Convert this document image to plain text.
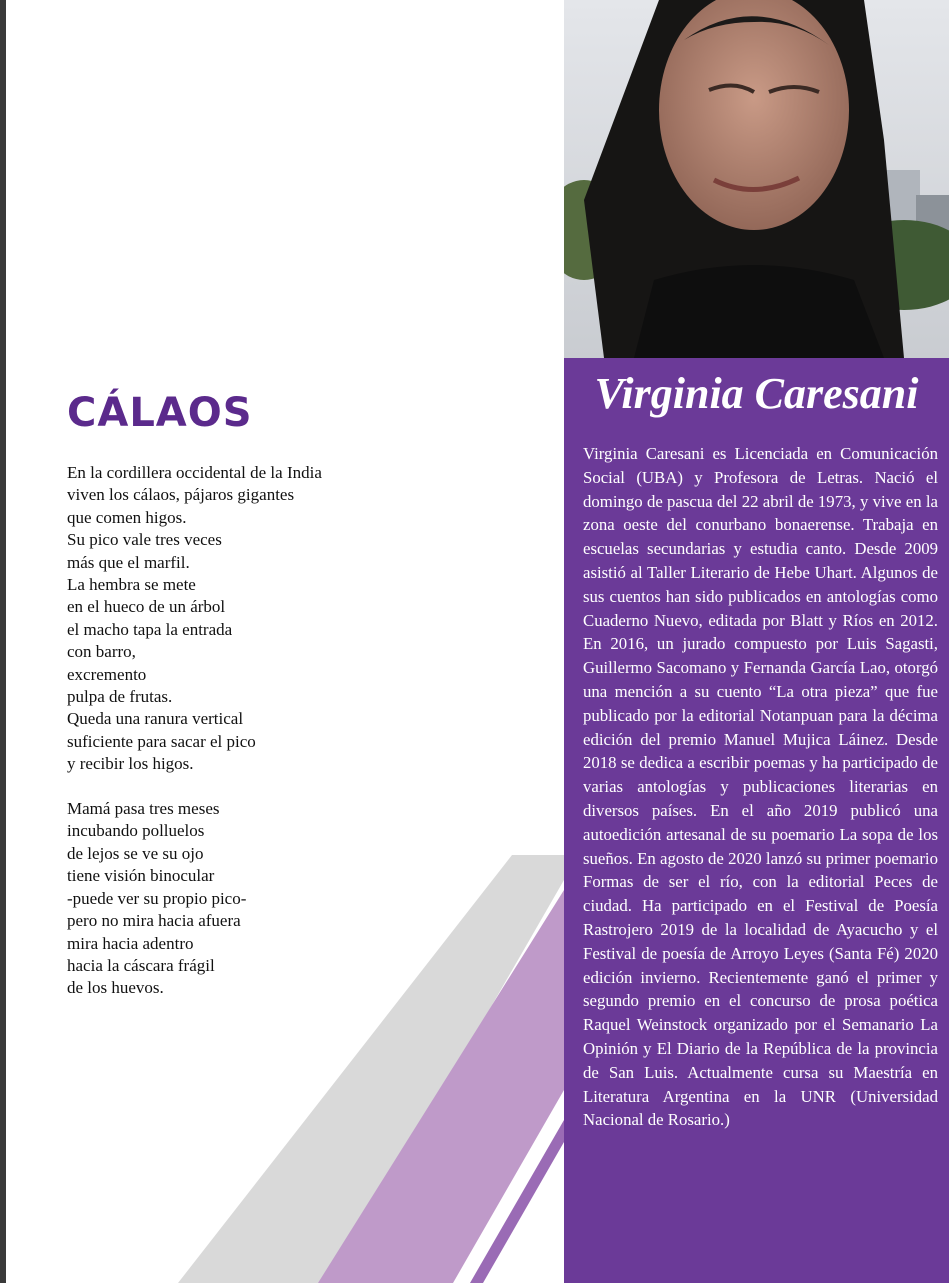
CÁLAOS
En la cordillera occidental de la India
viven los cálaos, pájaros gigantes
que comen higos.
Su pico vale tres veces
más que el marfil.
La hembra se mete
en el hueco de un árbol
el macho tapa la entrada
con barro,
excremento
pulpa de frutas.
Queda una ranura vertical
suficiente para sacar el pico
y recibir los higos.
Mamá pasa tres meses
incubando polluelos
de lejos se ve su ojo
tiene visión binocular
-puede ver su propio pico-
pero no mira hacia afuera
mira hacia adentro
hacia la cáscara frágil
de los huevos.
Virginia Caresani

Virginia Caresani es Licenciada en Comunicación Social (UBA) y Profesora de Letras. Nació el domingo de pascua del 22 abril de 1973, y vive en la zona oeste del conurbano bonaerense. Trabaja en escuelas secundarias y estudia canto. Desde 2009 asistió al Taller Literario de Hebe Uhart. Algunos de sus cuentos han sido publicados en antologías como Cuaderno Nuevo, editada por Blatt y Ríos en 2012. En 2016, un jurado compuesto por Luis Sagasti, Guillermo Sacomano y Fernanda García Lao, otorgó una mención a su cuento “La otra pieza” que fue publicado por la editorial Notanpuan para la décima edición del premio Manuel Mujica Láinez. Desde 2018 se dedica a escribir poemas y ha participado de varias antologías y publicaciones literarias en diversos países. En el año 2019 publicó una autoedición artesanal de su poemario La sopa de los sueños. En agosto de 2020 lanzó su primer poemario Formas de ser el río, con la editorial Peces de ciudad. Ha participado en el Festival de Poesía Rastrojero 2019 de la localidad de Ayacucho y el Festival de poesía de Arroyo Leyes (Santa Fé) 2020 edición invierno. Recientemente ganó el primer y segundo premio en el concurso de prosa poética Raquel Weinstock organizado por el Semanario La Opinión y El Diario de la República de la provincia de San Luis. Actualmente cursa su Maestría en Literatura Argentina en la UNR (Universidad Nacional de Rosario.)
